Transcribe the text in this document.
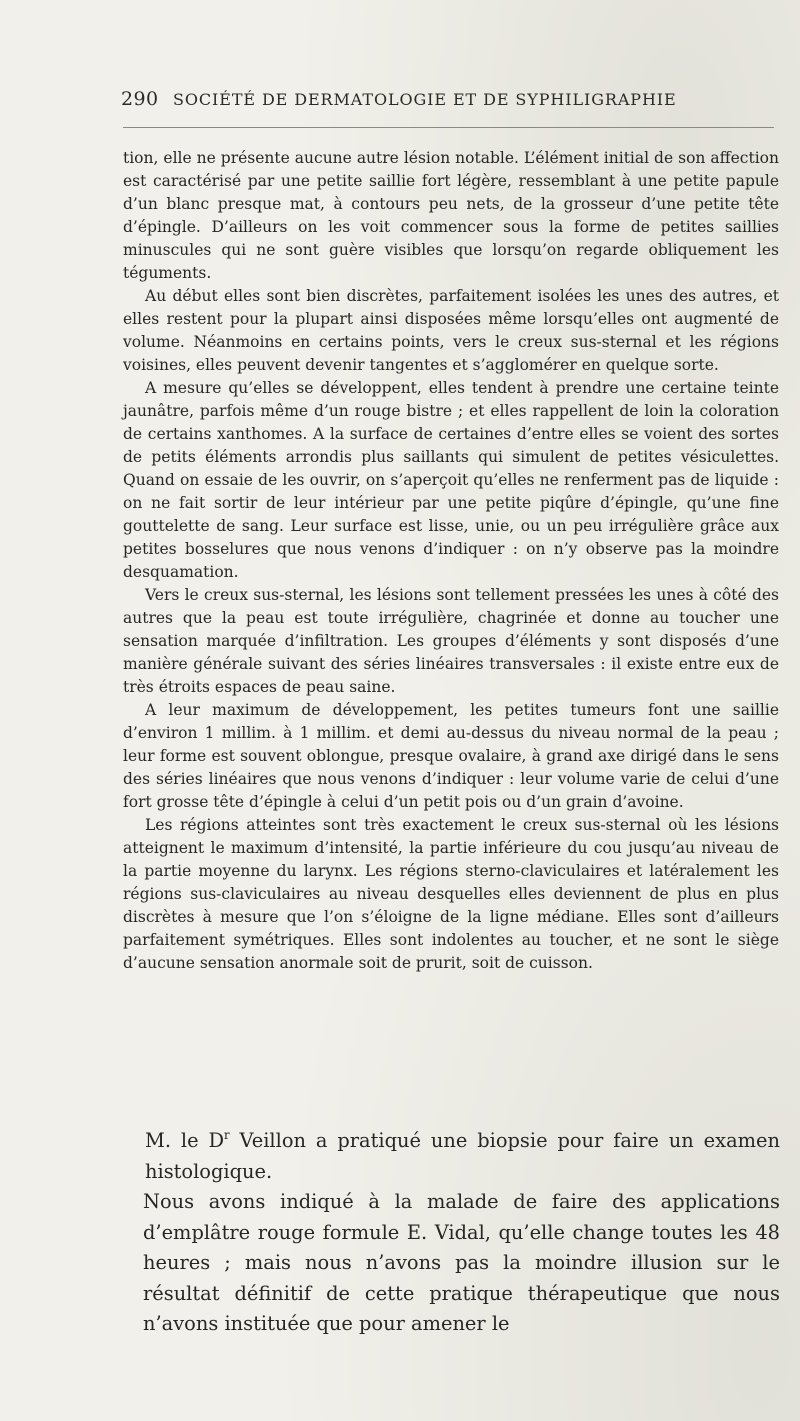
290 SOCIÉTÉ DE DERMATOLOGIE ET DE SYPHILIGRAPHIE

tion, elle ne présente aucune autre lésion notable. L’élément initial de son affection est caractérisé par une petite saillie fort légère, ressemblant à une petite papule d’un blanc presque mat, à contours peu nets, de la grosseur d’une petite tête d’épingle. D’ailleurs on les voit commencer sous la forme de petites saillies minuscules qui ne sont guère visibles que lorsqu’on regarde obliquement les téguments.

Au début elles sont bien discrètes, parfaitement isolées les unes des autres, et elles restent pour la plupart ainsi disposées même lorsqu’elles ont augmenté de volume. Néanmoins en certains points, vers le creux sus-sternal et les régions voisines, elles peuvent devenir tangentes et s’agglomérer en quelque sorte.

A mesure qu’elles se développent, elles tendent à prendre une certaine teinte jaunâtre, parfois même d’un rouge bistre ; et elles rappellent de loin la coloration de certains xanthomes. A la surface de certaines d’entre elles se voient des sortes de petits éléments arrondis plus saillants qui simulent de petites vésiculettes. Quand on essaie de les ouvrir, on s’aperçoit qu’elles ne renferment pas de liquide : on ne fait sortir de leur intérieur par une petite piqûre d’épingle, qu’une fine gouttelette de sang. Leur surface est lisse, unie, ou un peu irrégulière grâce aux petites bosselures que nous venons d’indiquer : on n’y observe pas la moindre desquamation.

Vers le creux sus-sternal, les lésions sont tellement pressées les unes à côté des autres que la peau est toute irrégulière, chagrinée et donne au toucher une sensation marquée d’infiltration. Les groupes d’éléments y sont disposés d’une manière générale suivant des séries linéaires transversales : il existe entre eux de très étroits espaces de peau saine.

A leur maximum de développement, les petites tumeurs font une saillie d’environ 1 millim. à 1 millim. et demi au-dessus du niveau normal de la peau ; leur forme est souvent oblongue, presque ovalaire, à grand axe dirigé dans le sens des séries linéaires que nous venons d’indiquer : leur volume varie de celui d’une fort grosse tête d’épingle à celui d’un petit pois ou d’un grain d’avoine.

Les régions atteintes sont très exactement le creux sus-sternal où les lésions atteignent le maximum d’intensité, la partie inférieure du cou jusqu’au niveau de la partie moyenne du larynx. Les régions sterno-claviculaires et latéralement les régions sus-claviculaires au niveau desquelles elles deviennent de plus en plus discrètes à mesure que l’on s’éloigne de la ligne médiane. Elles sont d’ailleurs parfaitement symétriques. Elles sont indolentes au toucher, et ne sont le siège d’aucune sensation anormale soit de prurit, soit de cuisson.

M. le $D^r$ Veillon a pratiqué une biopsie pour faire un examen histologique.

Nous avons indiqué à la malade de faire des applications d’emplâtre rouge formule E. Vidal, qu’elle change toutes les 48 heures ; mais nous n’avons pas la moindre illusion sur le résultat définitif de cette pratique thérapeutique que nous n’avons instituée que pour amener le
